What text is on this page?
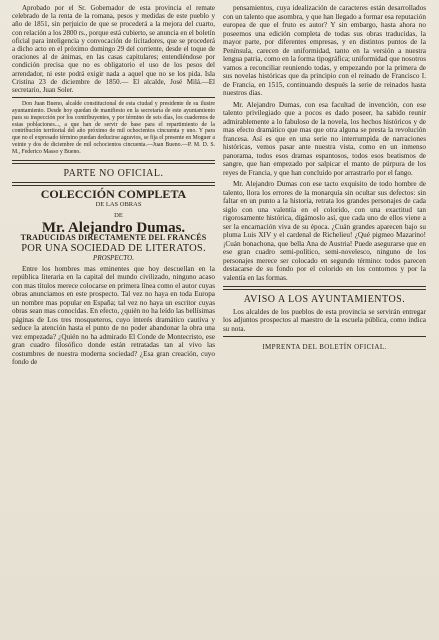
Aprobado por el Sr. Gobernador de esta provincia el remate celebrado de la renta de la romana, pesos y medidas de este pueblo y año de 1851, sin perjuicio de que se procederá a la mejora del cuarto, con relación a los 2800 rs., porque está cubierto, se anuncia en el boletín oficial para inteligencia y convocación de licitadores, que se procederá a dicho acto en el próximo domingo 29 del corriente, desde el toque de oraciones al de ánimas, en las casas capitulares; entendiéndose por condición precisa que no es obligatorio el uso de los pesos del arrendador, ni este podrá exigir nada a aquel que no se los pida. Isla Cristina 23 de diciembre de 1850.— El alcalde, José Milá.—El secretario, Juan Soler.

Don Juan Bueno, alcalde constitucional de esta ciudad y presidente de su ilustre ayuntamiento. Desde hoy quedan de manifiesto en la secretaría de este ayuntamiento para su inspección por los contribuyentes, y por término de seis días, los cuadernos de estas poblaciones..., a que han de servir de base para el repartimiento de la contribución territorial del año próximo de mil ochocientos cincuenta y uno. Y para que no el expresado término puedan deducirse agravios, se fija el presente en Moguer a veinte y dos de diciembre de mil ochocientos cincuenta.—Juan Bueno.—P. M. D. S. M., Federico Masso y Bueno.

PARTE NO OFICIAL.
COLECCIÓN COMPLETA

DE LAS OBRAS

DE

Mr. Alejandro Dumas.
TRADUCIDAS DIRECTAMENTE DEL FRANCÉS
POR UNA SOCIEDAD DE LITERATOS.
PROSPECTO.

Entre los hombres mas eminentes que hoy descuellan en la república literaria en la capital del mundo civilizado, ninguno acaso con mas títulos merece colocarse en primera línea como el autor cuyas obras anunciamos en este prospecto. Tal vez no haya en toda Europa un nombre mas popular en España; tal vez no haya un escritor cuyas obras sean mas conocidas. En efecto, ¿quién no ha leído las bellísimas páginas de Los tres mosqueteros, cuyo interés dramático cautiva y seduce la atención hasta el punto de no poder abandonar la obra una vez empezada? ¿Quién no ha admirado El Conde de Montecristo, ese gran cuadro filosófico donde están retratadas tan al vivo las costumbres de nuestra moderna sociedad? ¿Esa gran creación, cuyo fondo de

pensamientos, cuya idealización de caracteres están desarrollados con un talento que asombra, y que han llegado a formar esa reputación europea de que el fruto es autor? Y sin embargo, hasta ahora no poseemos una edición completa de todas sus obras traducidas, la mayor parte, por diferentes empresas, y en distintos puntos de la Península, carecen de uniformidad, tanto en la versión a nuestra lengua patria, como en la forma tipográfica; uniformidad que nosotros vamos a reconciliar reuniendo todas, y empezando por la primera de sus novelas históricas que da principio con el reinado de Francisco I. de Francia, en 1515, continuando después la serie de reinados hasta nuestros días.

Mr. Alejandro Dumas, con esa facultad de invención, con ese talento privilegiado que a pocos es dado poseer, ha sabido reunir admirablemente a lo fabuloso de la novela, los hechos históricos y de mas efecto dramático que mas que otra alguna se presta la revolución francesa. Así es que en una serie no interrumpida de narraciones históricas, vemos pasar ante nuestra vista, como en un inmenso panorama, todos esos dramas espantosos, todos esos beatismos de sangre, que han empezado por salpicar el manto de púrpura de los reyes de Francia, y que han concluido por arrastrarlo por el fango.

Mr. Alejandro Dumas con ese tacto exquisito de todo hombre de talento, llora los errores de la monarquía sin ocultar sus defectos: sin faltar en un punto a la historia, retrata los grandes personajes de cada siglo con una valentía en el colorido, con una exactitud tan rigorosamente histórica, dígámoslo así, que cada uno de ellos viene a ser la encarnación viva de su época. ¿Cuán grandes aparecen bajo su pluma Luis XIV y el cardenal de Richelieu! ¿Qué pigmeo Mazarino! ¡Cuán bonachona, que bella Ana de Austria! Puede asegurarse que en ese gran cuadro semi-político, semi-novelesco, ninguno de los personajes merece ser colocado en segundo término: todos parecen destacarse de su fondo por el colorido en los contornos y por la valentía en las formas.

AVISO A LOS AYUNTAMIENTOS.

Los alcaldes de los pueblos de esta provincia se servirán entregar los adjuntos prospectos al maestro de la escuela pública, como indica su nota.

IMPRENTA DEL BOLETÍN OFICIAL.
